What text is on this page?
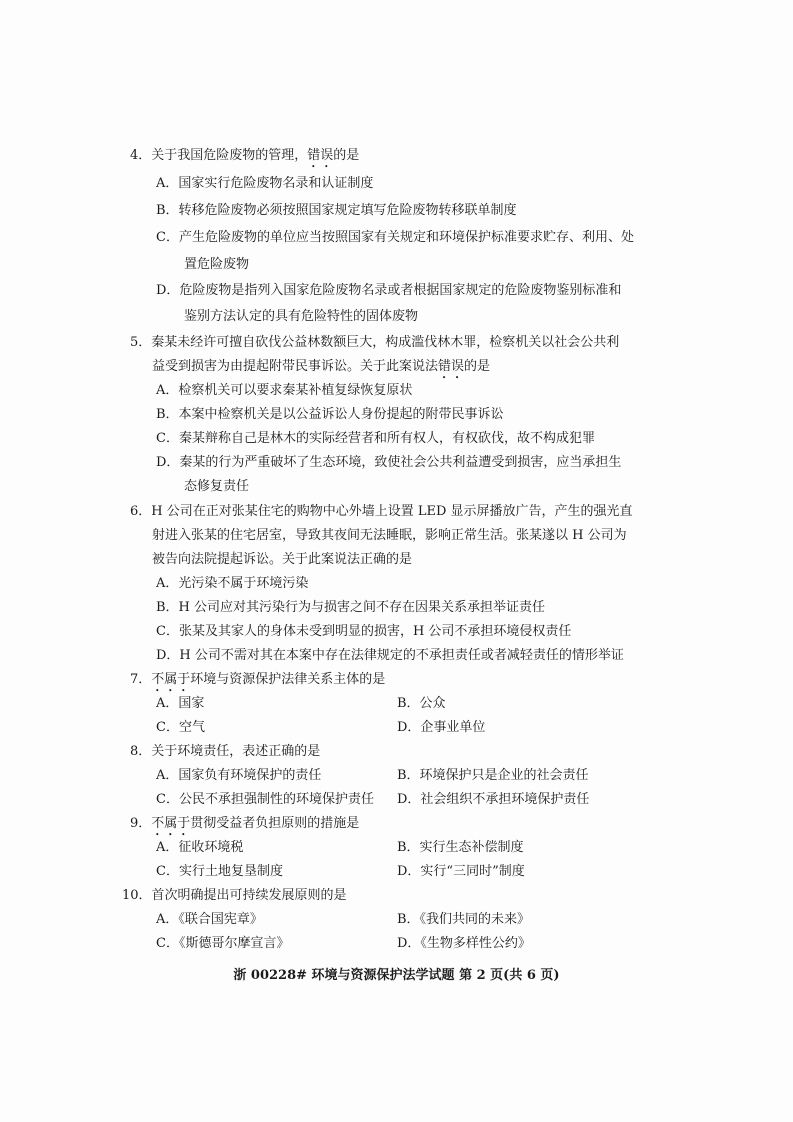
4．关于我国危险废物的管理，错误的是
A．国家实行危险废物名录和认证制度
B．转移危险废物必须按照国家规定填写危险废物转移联单制度
C．产生危险废物的单位应当按照国家有关规定和环境保护标准要求贮存、利用、处
置危险废物
D．危险废物是指列入国家危险废物名录或者根据国家规定的危险废物鉴别标准和
鉴别方法认定的具有危险特性的固体废物
5．秦某未经许可擅自砍伐公益林数额巨大，构成滥伐林木罪，检察机关以社会公共利
益受到损害为由提起附带民事诉讼。关于此案说法错误的是
A．检察机关可以要求秦某补植复绿恢复原状
B．本案中检察机关是以公益诉讼人身份提起的附带民事诉讼
C．秦某辩称自己是林木的实际经营者和所有权人，有权砍伐，故不构成犯罪
D．秦某的行为严重破坏了生态环境，致使社会公共利益遭受到损害，应当承担生
态修复责任
6．H 公司在正对张某住宅的购物中心外墙上设置 LED 显示屏播放广告，产生的强光直
射进入张某的住宅居室，导致其夜间无法睡眠，影响正常生活。张某遂以 H 公司为
被告向法院提起诉讼。关于此案说法正确的是
A．光污染不属于环境污染
B．H 公司应对其污染行为与损害之间不存在因果关系承担举证责任
C．张某及其家人的身体未受到明显的损害，H 公司不承担环境侵权责任
D．H 公司不需对其在本案中存在法律规定的不承担责任或者减轻责任的情形举证
7．不属于环境与资源保护法律关系主体的是
A．国家	B．公众
C．空气	D．企事业单位
8．关于环境责任，表述正确的是
A．国家负有环境保护的责任	B．环境保护只是企业的社会责任
C．公民不承担强制性的环境保护责任 D．社会组织不承担环境保护责任
9．不属于贯彻受益者负担原则的措施是
A．征收环境税	B．实行生态补偿制度
C．实行土地复垦制度	D．实行“三同时”制度
10．首次明确提出可持续发展原则的是
A．《联合国宪章》	B．《我们共同的未来》
C．《斯德哥尔摩宣言》	D．《生物多样性公约》
浙 00228# 环境与资源保护法学试题 第 2 页(共 6 页)
